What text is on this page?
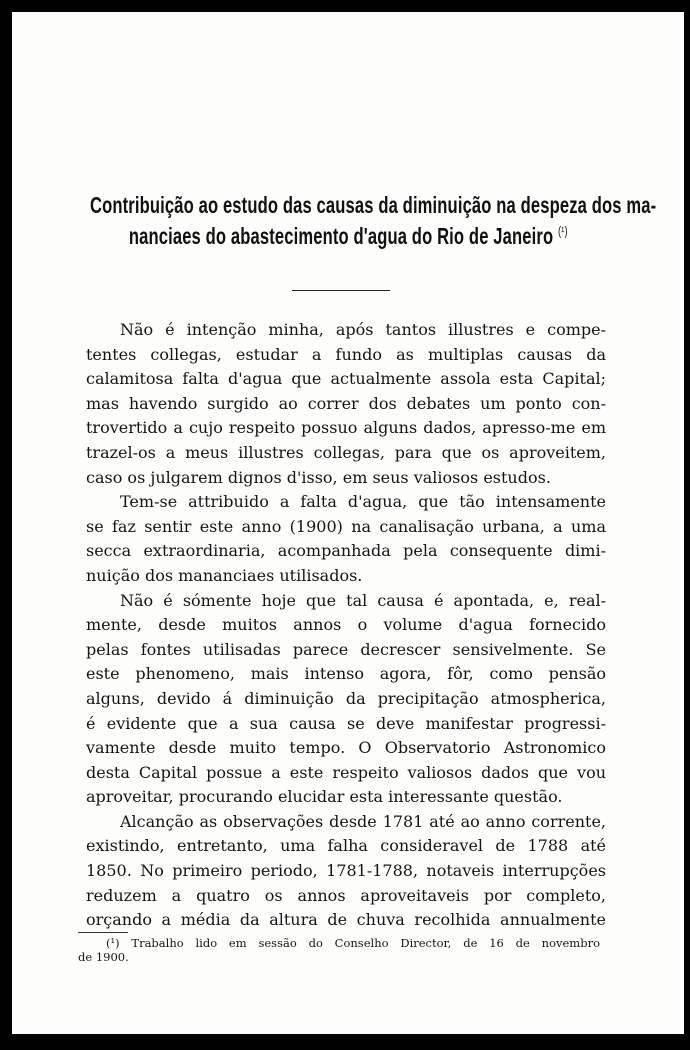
Contribuição ao estudo das causas da diminuição na despeza dos ma-
nanciaes do abastecimento d'agua do Rio de Janeiro $^{(^1)}$

Não é intenção minha, após tantos illustres e compe-
tentes collegas, estudar a fundo as multiplas causas da
calamitosa falta d'agua que actualmente assola esta Capital;
mas havendo surgido ao correr dos debates um ponto con-
trovertido a cujo respeito possuo alguns dados, apresso-me em
trazel-os a meus illustres collegas, para que os aproveitem,
caso os julgarem dignos d'isso, em seus valiosos estudos.

Tem-se attribuido a falta d'agua, que tão intensamente
se faz sentir este anno (1900) na canalisação urbana, a uma
secca extraordinaria, acompanhada pela consequente dimi-
nuição dos mananciaes utilisados.

Não é sómente hoje que tal causa é apontada, e, real-
mente, desde muitos annos o volume d'agua fornecido
pelas fontes utilisadas parece decrescer sensivelmente. Se
este phenomeno, mais intenso agora, fôr, como pensão
alguns, devido á diminuição da precipitação atmospherica,
é evidente que a sua causa se deve manifestar progressi-
vamente desde muito tempo. O Observatorio Astronomico
desta Capital possue a este respeito valiosos dados que vou
aproveitar, procurando elucidar esta interessante questão.

Alcanção as observações desde 1781 até ao anno corrente,
existindo, entretanto, uma falha consideravel de 1788 até
1850. No primeiro periodo, 1781-1788, notaveis interrupções
reduzem a quatro os annos aproveitaveis por completo,
orçando a média da altura de chuva recolhida annualmente

(¹) Trabalho lido em sessão do Conselho Director, de 16 de novembro
de 1900.
